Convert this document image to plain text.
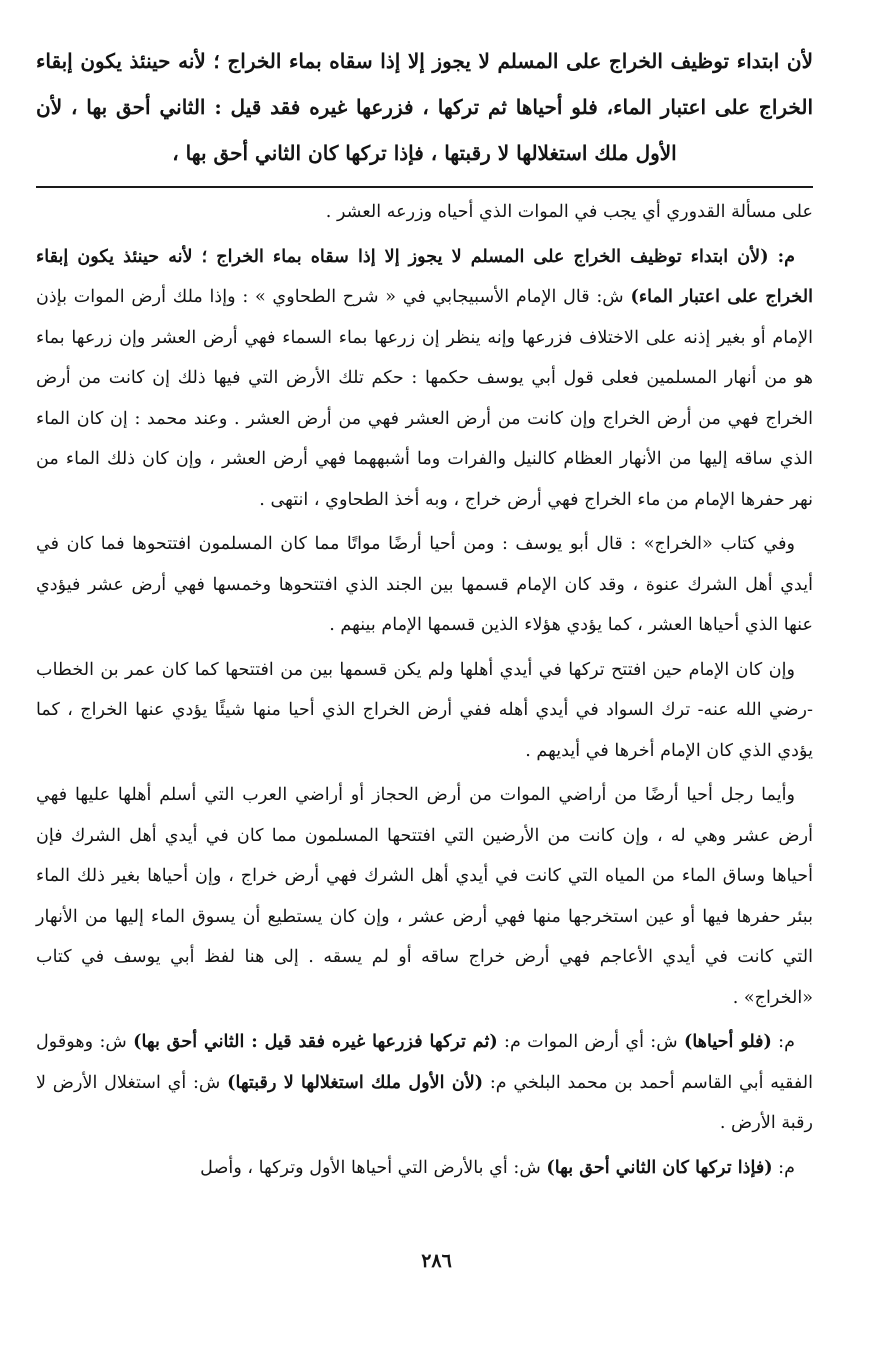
لأن ابتداء توظيف الخراج على المسلم لا يجوز إلا إذا سقاه بماء الخراج ؛ لأنه حينئذ يكون إبقاء الخراج على اعتبار الماء، فلو أحياها ثم تركها ، فزرعها غيره فقد قيل : الثاني أحق بها ، لأن الأول ملك استغلالها لا رقبتها ، فإذا تركها كان الثاني أحق بها ،

على مسألة القدوري أي يجب في الموات الذي أحياه وزرعه العشر .

م: (لأن ابتداء توظيف الخراج على المسلم لا يجوز إلا إذا سقاه بماء الخراج ؛ لأنه حينئذ يكون إبقاء الخراج على اعتبار الماء) ش: قال الإمام الأسبيجابي في « شرح الطحاوي » : وإذا ملك أرض الموات بإذن الإمام أو بغير إذنه على الاختلاف فزرعها وإنه ينظر إن زرعها بماء السماء فهي أرض العشر وإن زرعها بماء هو من أنهار المسلمين فعلى قول أبي يوسف حكمها : حكم تلك الأرض التي فيها ذلك إن كانت من أرض الخراج فهي من أرض الخراج وإن كانت من أرض العشر فهي من أرض العشر . وعند محمد : إن كان الماء الذي ساقه إليها من الأنهار العظام كالنيل والفرات وما أشبههما فهي أرض العشر ، وإن كان ذلك الماء من نهر حفرها الإمام من ماء الخراج فهي أرض خراج ، وبه أخذ الطحاوي ، انتهى .

وفي كتاب «الخراج» : قال أبو يوسف : ومن أحيا أرضًا مواتًا مما كان المسلمون افتتحوها فما كان في أيدي أهل الشرك عنوة ، وقد كان الإمام قسمها بين الجند الذي افتتحوها وخمسها فهي أرض عشر فيؤدي عنها الذي أحياها العشر ، كما يؤدي هؤلاء الذين قسمها الإمام بينهم .

وإن كان الإمام حين افتتح تركها في أيدي أهلها ولم يكن قسمها بين من افتتحها كما كان عمر بن الخطاب -رضي الله عنه- ترك السواد في أيدي أهله ففي أرض الخراج الذي أحيا منها شيئًا يؤدي عنها الخراج ، كما يؤدي الذي كان الإمام أخرها في أيديهم .

وأيما رجل أحيا أرضًا من أراضي الموات من أرض الحجاز أو أراضي العرب التي أسلم أهلها عليها فهي أرض عشر وهي له ، وإن كانت من الأرضين التي افتتحها المسلمون مما كان في أيدي أهل الشرك فإن أحياها وساق الماء من المياه التي كانت في أيدي أهل الشرك فهي أرض خراج ، وإن أحياها بغير ذلك الماء ببئر حفرها فيها أو عين استخرجها منها فهي أرض عشر ، وإن كان يستطيع أن يسوق الماء إليها من الأنهار التي كانت في أيدي الأعاجم فهي أرض خراج ساقه أو لم يسقه . إلى هنا لفظ أبي يوسف في كتاب «الخراج» .

م: (فلو أحياها) ش: أي أرض الموات م: (ثم تركها فزرعها غيره فقد قيل : الثاني أحق بها) ش: وهوقول الفقيه أبي القاسم أحمد بن محمد البلخي م: (لأن الأول ملك استغلالها لا رقبتها) ش: أي استغلال الأرض لا رقبة الأرض .

م: (فإذا تركها كان الثاني أحق بها) ش: أي بالأرض التي أحياها الأول وتركها ، وأصل

٢٨٦
